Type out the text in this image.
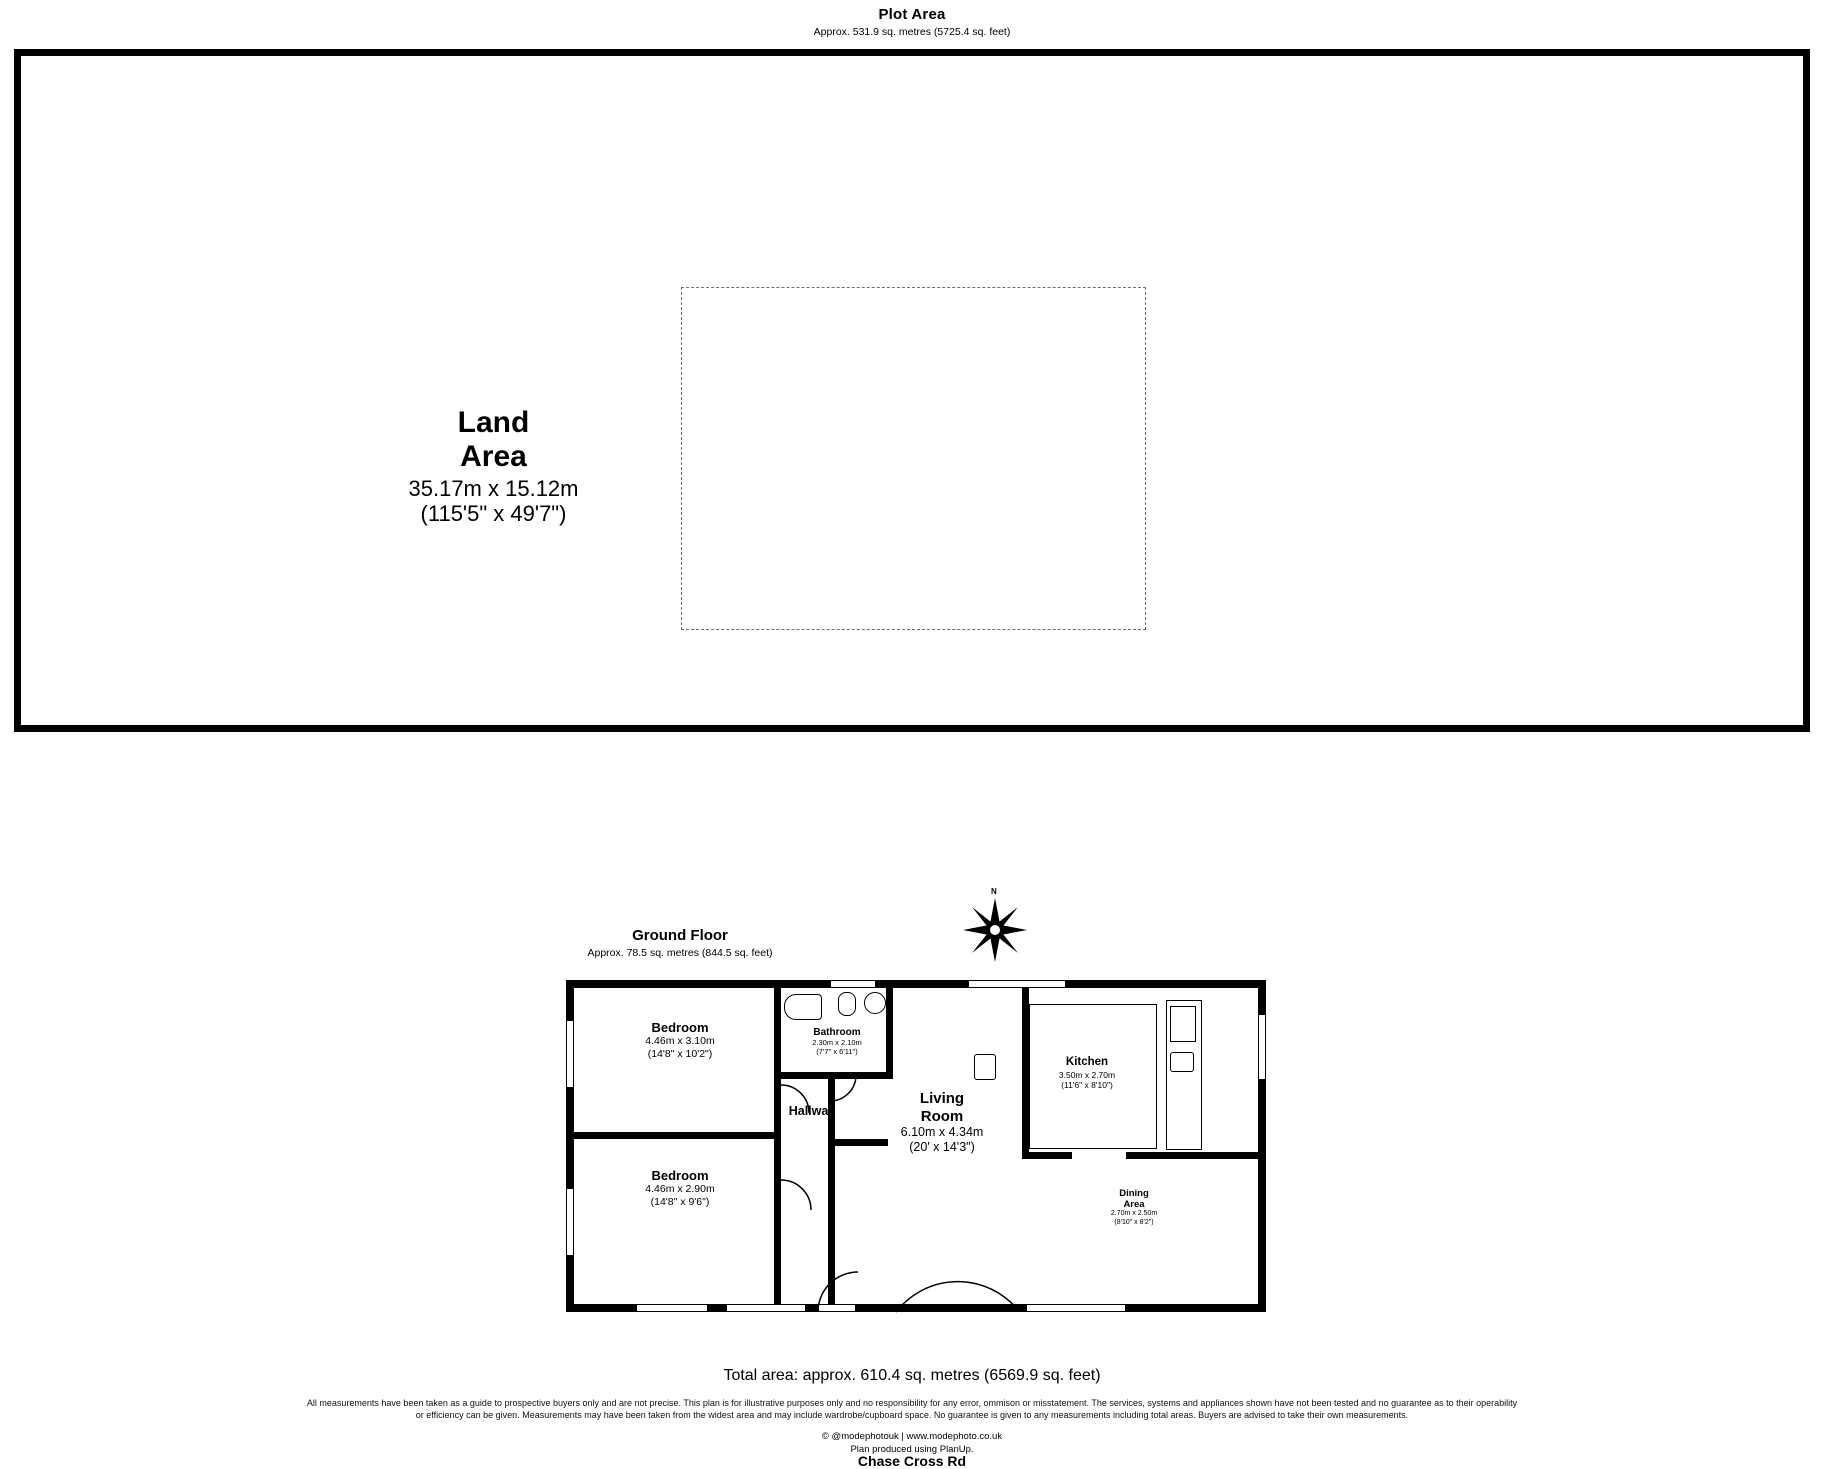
Plot Area
Approx. 531.9 sq. metres (5725.4 sq. feet)
Land
Area
35.17m x 15.12m
(115'5" x 49'7")
Ground Floor
Approx. 78.5 sq. metres (844.5 sq. feet)
N
Bedroom
4.46m x 3.10m
(14'8" x 10'2")
Bathroom
2.30m x 2.10m
(7'7" x 6'11")
Hallway
Kitchen
3.50m x 2.70m
(11'6" x 8'10")
Living
Room
6.10m x 4.34m
(20' x 14'3")
Bedroom
4.46m x 2.90m
(14'8" x 9'6")
Dining
Area
2.70m x 2.50m
(8'10" x 8'2")
Total area: approx. 610.4 sq. metres (6569.9 sq. feet)
All measurements have been taken as a guide to prospective buyers only and are not precise. This plan is for illustrative purposes only and no responsibility for any error, ommison or misstatement. The services, systems and appliances shown have not been tested and no guarantee as to their operability
or efficiency can be given. Measurements may have been taken from the widest area and may include wardrobe/cupboard space. No guarantee is given to any measurements including total areas. Buyers are advised to take their own measurements.
© @modephotouk | www.modephoto.co.uk
Plan produced using PlanUp.
Chase Cross Rd
